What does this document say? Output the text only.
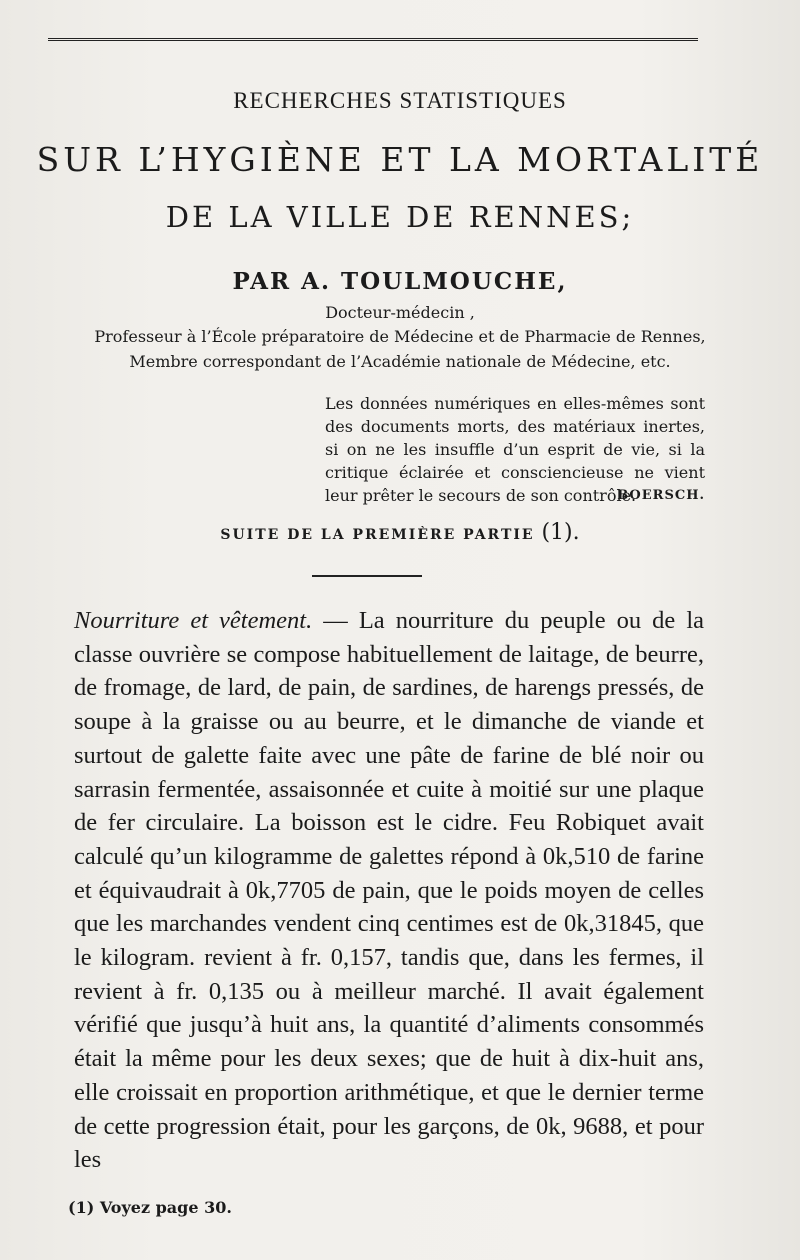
RECHERCHES STATISTIQUES
SUR L’HYGIÈNE ET LA MORTALITÉ
DE LA VILLE DE RENNES;
PAR A. TOULMOUCHE,
Docteur-médecin ,
Professeur à l’École préparatoire de Médecine et de Pharmacie de Rennes,
Membre correspondant de l’Académie nationale de Médecine, etc.
Les données numériques en elles-mêmes sont des documents morts, des matériaux inertes, si on ne les insuffle d’un esprit de vie, si la critique éclairée et consciencieuse ne vient leur prêter le secours de son contrôle.
BOERSCH.
SUITE DE LA PREMIÈRE PARTIE (1).
Nourriture et vêtement. — La nourriture du peuple ou de la classe ouvrière se compose habituellement de laitage, de beurre, de fromage, de lard, de pain, de sardines, de harengs pressés, de soupe à la graisse ou au beurre, et le dimanche de viande et surtout de galette faite avec une pâte de farine de blé noir ou sarrasin fermentée, assaisonnée et cuite à moitié sur une plaque de fer circulaire. La boisson est le cidre. Feu Robiquet avait calculé qu’un kilogramme de galettes répond à 0k,510 de farine et équivaudrait à 0k,7705 de pain, que le poids moyen de celles que les marchandes vendent cinq centimes est de 0k,31845, que le kilogram. revient à fr. 0,157, tandis que, dans les fermes, il revient à fr. 0,135 ou à meilleur marché. Il avait également vérifié que jusqu’à huit ans, la quantité d’aliments consommés était la même pour les deux sexes; que de huit à dix-huit ans, elle croissait en proportion arithmétique, et que le dernier terme de cette progression était, pour les garçons, de 0k, 9688, et pour les
(1) Voyez page 30.
